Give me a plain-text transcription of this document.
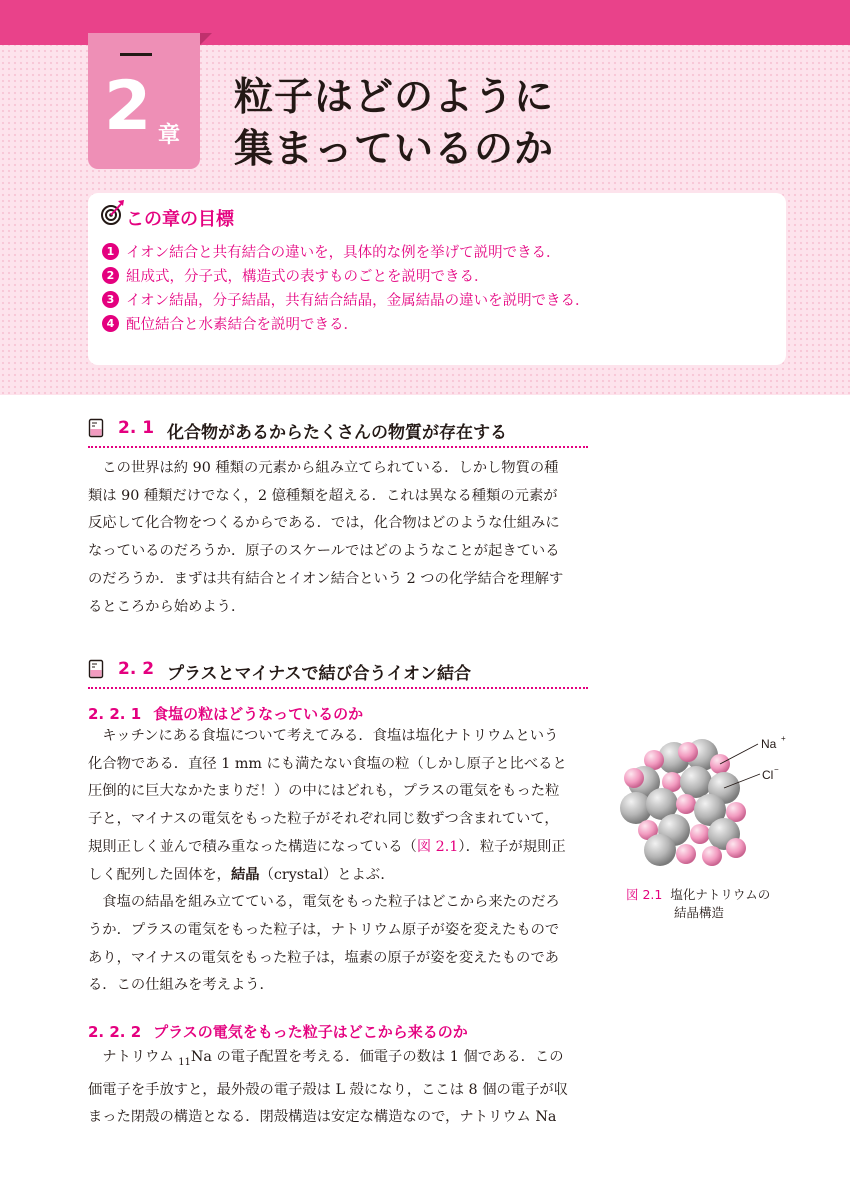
2 章
粒子はどのように
集まっているのか
この章の目標
1 イオン結合と共有結合の違いを，具体的な例を挙げて説明できる．
2 組成式，分子式，構造式の表すものごとを説明できる．
3 イオン結晶，分子結晶，共有結合結晶，金属結晶の違いを説明できる．
4 配位結合と水素結合を説明できる．
2. 1 化合物があるからたくさんの物質が存在する
　この世界は約 90 種類の元素から組み立てられている．しかし物質の種
類は 90 種類だけでなく，2 億種類を超える．これは異なる種類の元素が
反応して化合物をつくるからである．では，化合物はどのような仕組みに
なっているのだろうか．原子のスケールではどのようなことが起きている
のだろうか．まずは共有結合とイオン結合という 2 つの化学結合を理解す
るところから始めよう．
2. 2 プラスとマイナスで結び合うイオン結合
2. 2. 1 食塩の粒はどうなっているのか
　キッチンにある食塩について考えてみる．食塩は塩化ナトリウムという
化合物である．直径 1 mm にも満たない食塩の粒（しかし原子と比べると
圧倒的に巨大なかたまりだ！）の中にはどれも，プラスの電気をもった粒
子と，マイナスの電気をもった粒子がそれぞれ同じ数ずつ含まれていて，
規則正しく並んで積み重なった構造になっている（図 2.1）．粒子が規則正
しく配列した固体を，結晶（crystal）とよぶ．
　食塩の結晶を組み立てている，電気をもった粒子はどこから来たのだろ
うか．プラスの電気をもった粒子は，ナトリウム原子が姿を変えたもので
あり，マイナスの電気をもった粒子は，塩素の原子が姿を変えたものであ
る．この仕組みを考えよう．
2. 2. 2 プラスの電気をもった粒子はどこから来るのか
　ナトリウム $_{11}$Na の電子配置を考える．価電子の数は 1 個である．この
価電子を手放すと，最外殻の電子殻は L 殻になり，ここは 8 個の電子が収
まった閉殻の構造となる．閉殻構造は安定な構造なので，ナトリウム Na
Na +
Cl −
図 2.1 塩化ナトリウムの
結晶構造
